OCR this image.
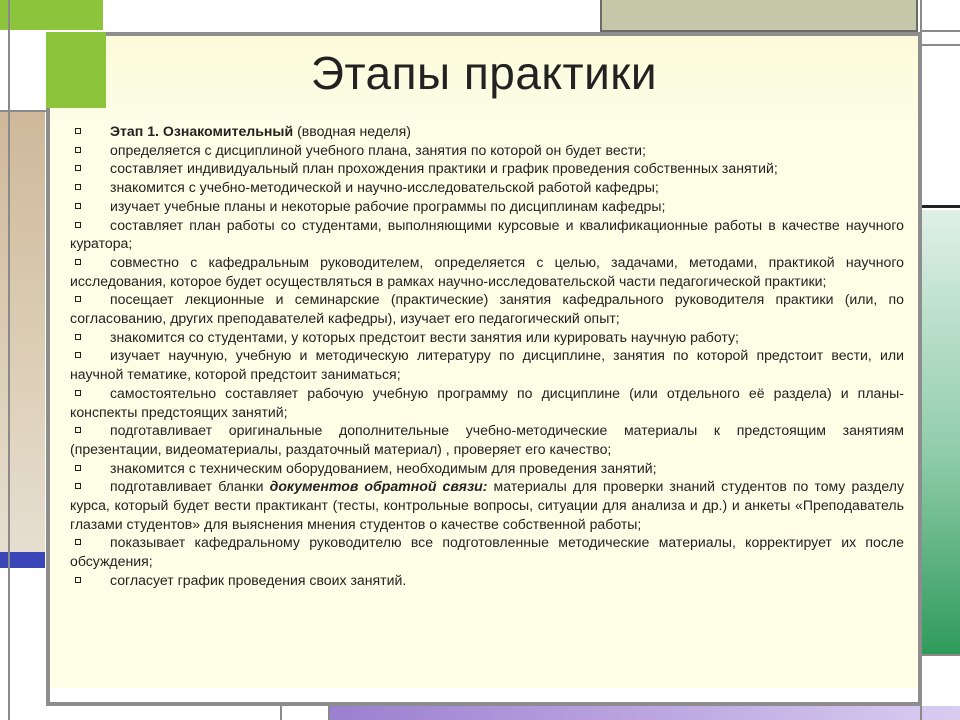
Этапы практики
Этап 1. Ознакомительный (вводная неделя)
определяется с дисциплиной учебного плана, занятия по которой он будет вести;
составляет индивидуальный план прохождения практики и график проведения собственных занятий;
знакомится с учебно-методической и научно-исследовательской работой кафедры;
изучает учебные планы и некоторые рабочие программы по дисциплинам кафедры;
составляет план работы со студентами, выполняющими курсовые и квалификационные работы в качестве научного куратора;
совместно с кафедральным руководителем, определяется с целью, задачами, методами, практикой научного исследования, которое будет осуществляться в рамках научно-исследовательской части педагогической практики;
посещает лекционные и семинарские (практические) занятия кафедрального руководителя практики (или, по согласованию, других преподавателей кафедры), изучает его педагогический опыт;
знакомится со студентами, у которых предстоит вести занятия или курировать научную работу;
изучает научную, учебную и методическую литературу по дисциплине, занятия по которой предстоит вести, или научной тематике, которой предстоит заниматься;
самостоятельно составляет рабочую учебную программу по дисциплине (или отдельного её раздела) и планы-конспекты предстоящих занятий;
подготавливает оригинальные дополнительные учебно-методические материалы к предстоящим занятиям (презентации, видеоматериалы, раздаточный материал) , проверяет его качество;
знакомится с техническим оборудованием, необходимым для проведения занятий;
подготавливает бланки документов обратной связи: материалы для проверки знаний студентов по тому разделу курса, который будет вести практикант (тесты, контрольные вопросы, ситуации для анализа и др.) и анкеты «Преподаватель глазами студентов» для выяснения мнения студентов о качестве собственной работы;
показывает кафедральному руководителю все подготовленные методические материалы, корректирует их после обсуждения;
согласует график проведения своих занятий.
